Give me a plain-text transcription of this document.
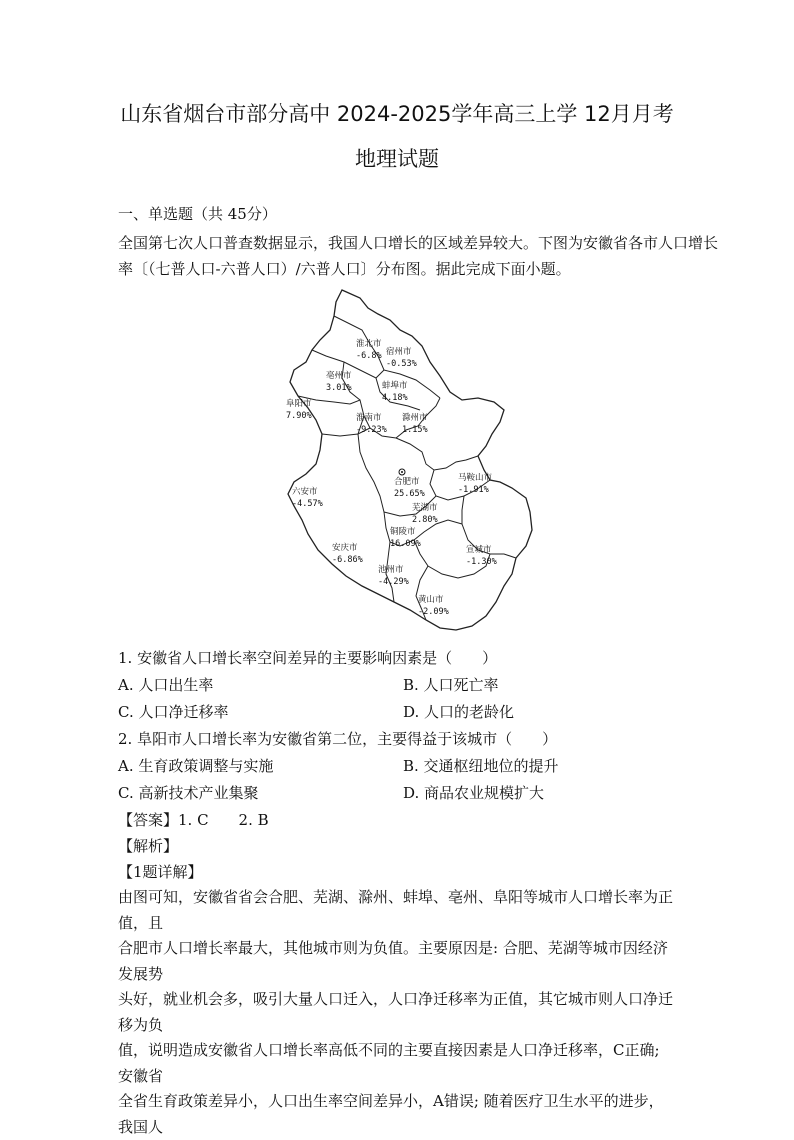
山东省烟台市部分高中 2024-2025学年高三上学 12月月考
地理试题
一、单选题（共 45分）
全国第七次人口普查数据显示，我国人口增长的区域差异较大。下图为安徽省各市人口增长
率〔（七普人口-六普人口）/六普人口〕分布图。据此完成下面小题。
淮北市
-6.8% 宿州市
-0.53%
亳州市
3.01%	蚌埠市
4.18%
阜阳市
7.90%	淮南市
-9.23%
滁州市
1.15%
合肥市
25.65%
马鞍山市
-1.91%
六安市
-4.57%	芜湖市
2.80%
铜陵市
16.09%
安庆市
-6.86%
宣城市
-1.30%
池州市
-4.29%
黄山市
-2.09%
1. 安徽省人口增长率空间差异的主要影响因素是（　　）
A. 人口出生率	B. 人口死亡率
C. 人口净迁移率	D. 人口的老龄化
2. 阜阳市人口增长率为安徽省第二位，主要得益于该城市（　　）
A. 生育政策调整与实施	B. 交通枢纽地位的提升
C. 高新技术产业集聚	D. 商品农业规模扩大
【答案】1. C　　2. B
【解析】
【1题详解】
由图可知，安徽省省会合肥、芜湖、滁州、蚌埠、亳州、阜阳等城市人口增长率为正值，且
合肥市人口增长率最大，其他城市则为负值。主要原因是: 合肥、芜湖等城市因经济发展势
头好，就业机会多，吸引大量人口迁入，人口净迁移率为正值，其它城市则人口净迁移为负
值，说明造成安徽省人口增长率高低不同的主要直接因素是人口净迁移率，C正确; 安徽省
全省生育政策差异小，人口出生率空间差异小，A错误; 随着医疗卫生水平的进步，我国人
